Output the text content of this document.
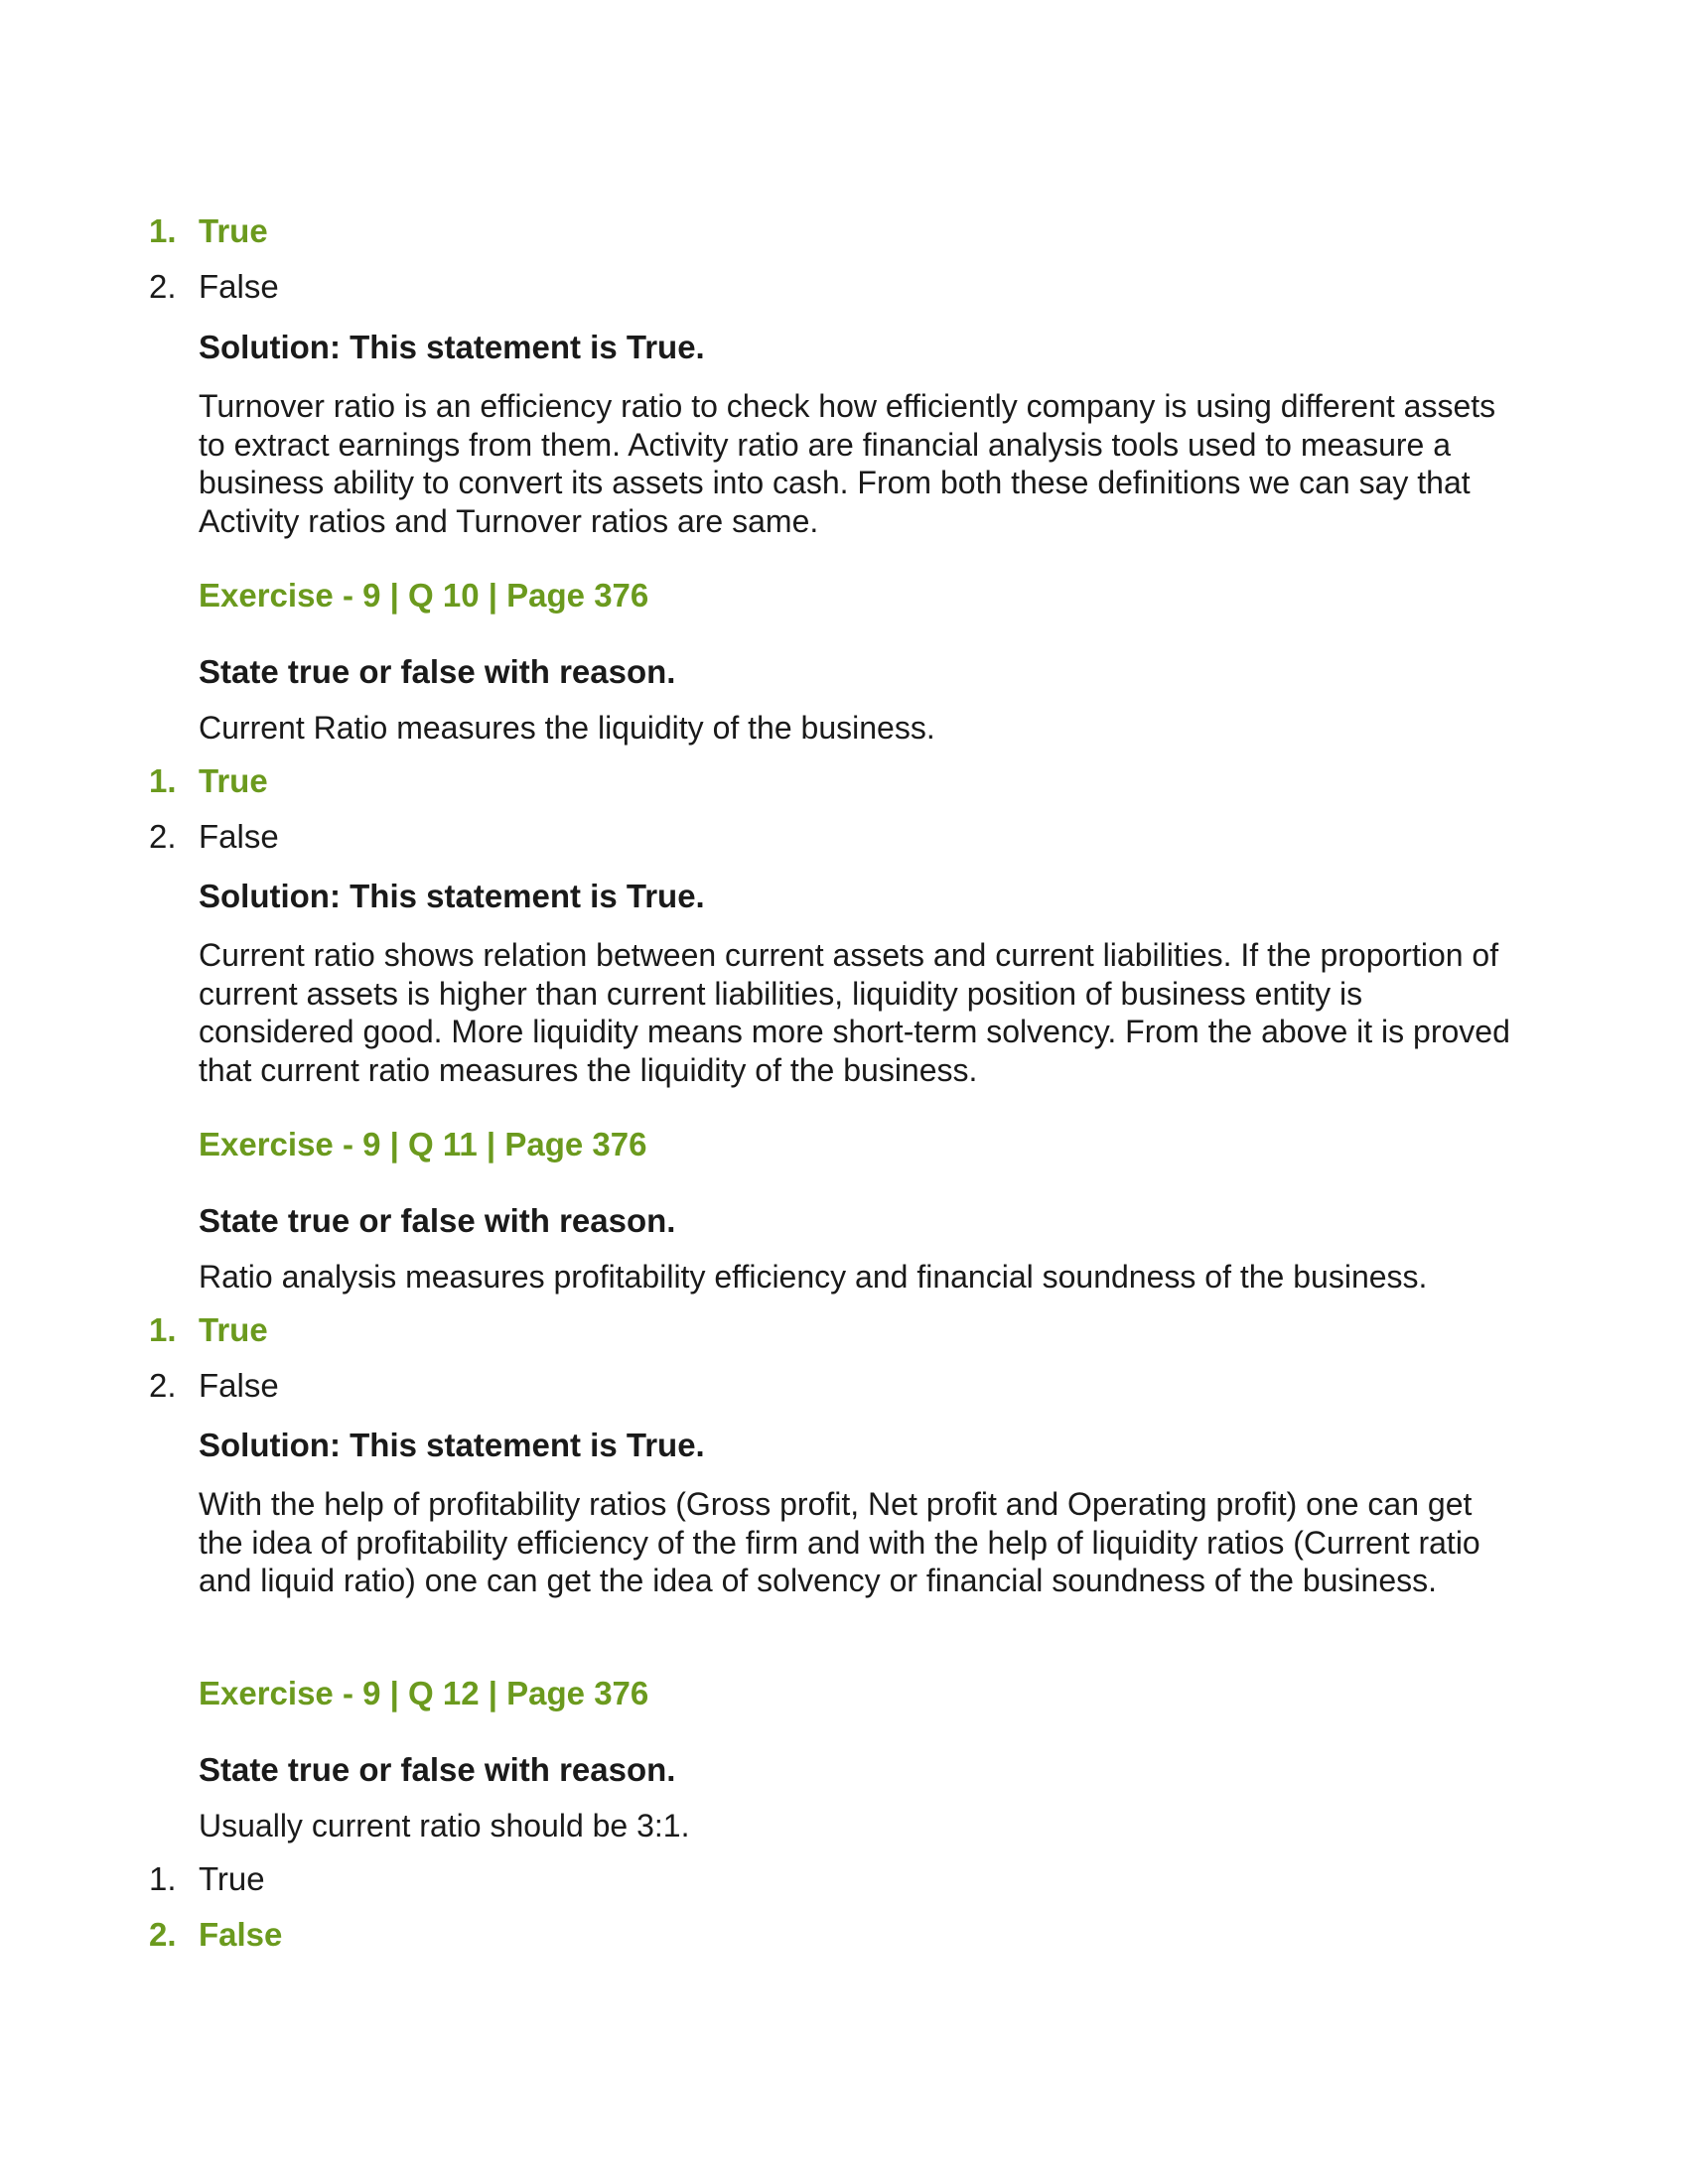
1. True
2. False
Solution: This statement is True.
Turnover ratio is an efficiency ratio to check how efficiently company is using different assets to extract earnings from them. Activity ratio are financial analysis tools used to measure a business ability to convert its assets into cash. From both these definitions we can say that Activity ratios and Turnover ratios are same.
Exercise - 9 | Q 10 | Page 376
State true or false with reason.
Current Ratio measures the liquidity of the business.
1. True
2. False
Solution: This statement is True.
Current ratio shows relation between current assets and current liabilities. If the proportion of current assets is higher than current liabilities, liquidity position of business entity is considered good. More liquidity means more short-term solvency. From the above it is proved that current ratio measures the liquidity of the business.
Exercise - 9 | Q 11 | Page 376
State true or false with reason.
Ratio analysis measures profitability efficiency and financial soundness of the business.
1. True
2. False
Solution: This statement is True.
With the help of profitability ratios (Gross profit, Net profit and Operating profit) one can get the idea of profitability efficiency of the firm and with the help of liquidity ratios (Current ratio and liquid ratio) one can get the idea of solvency or financial soundness of the business.
Exercise - 9 | Q 12 | Page 376
State true or false with reason.
Usually current ratio should be 3:1.
1. True
2. False
